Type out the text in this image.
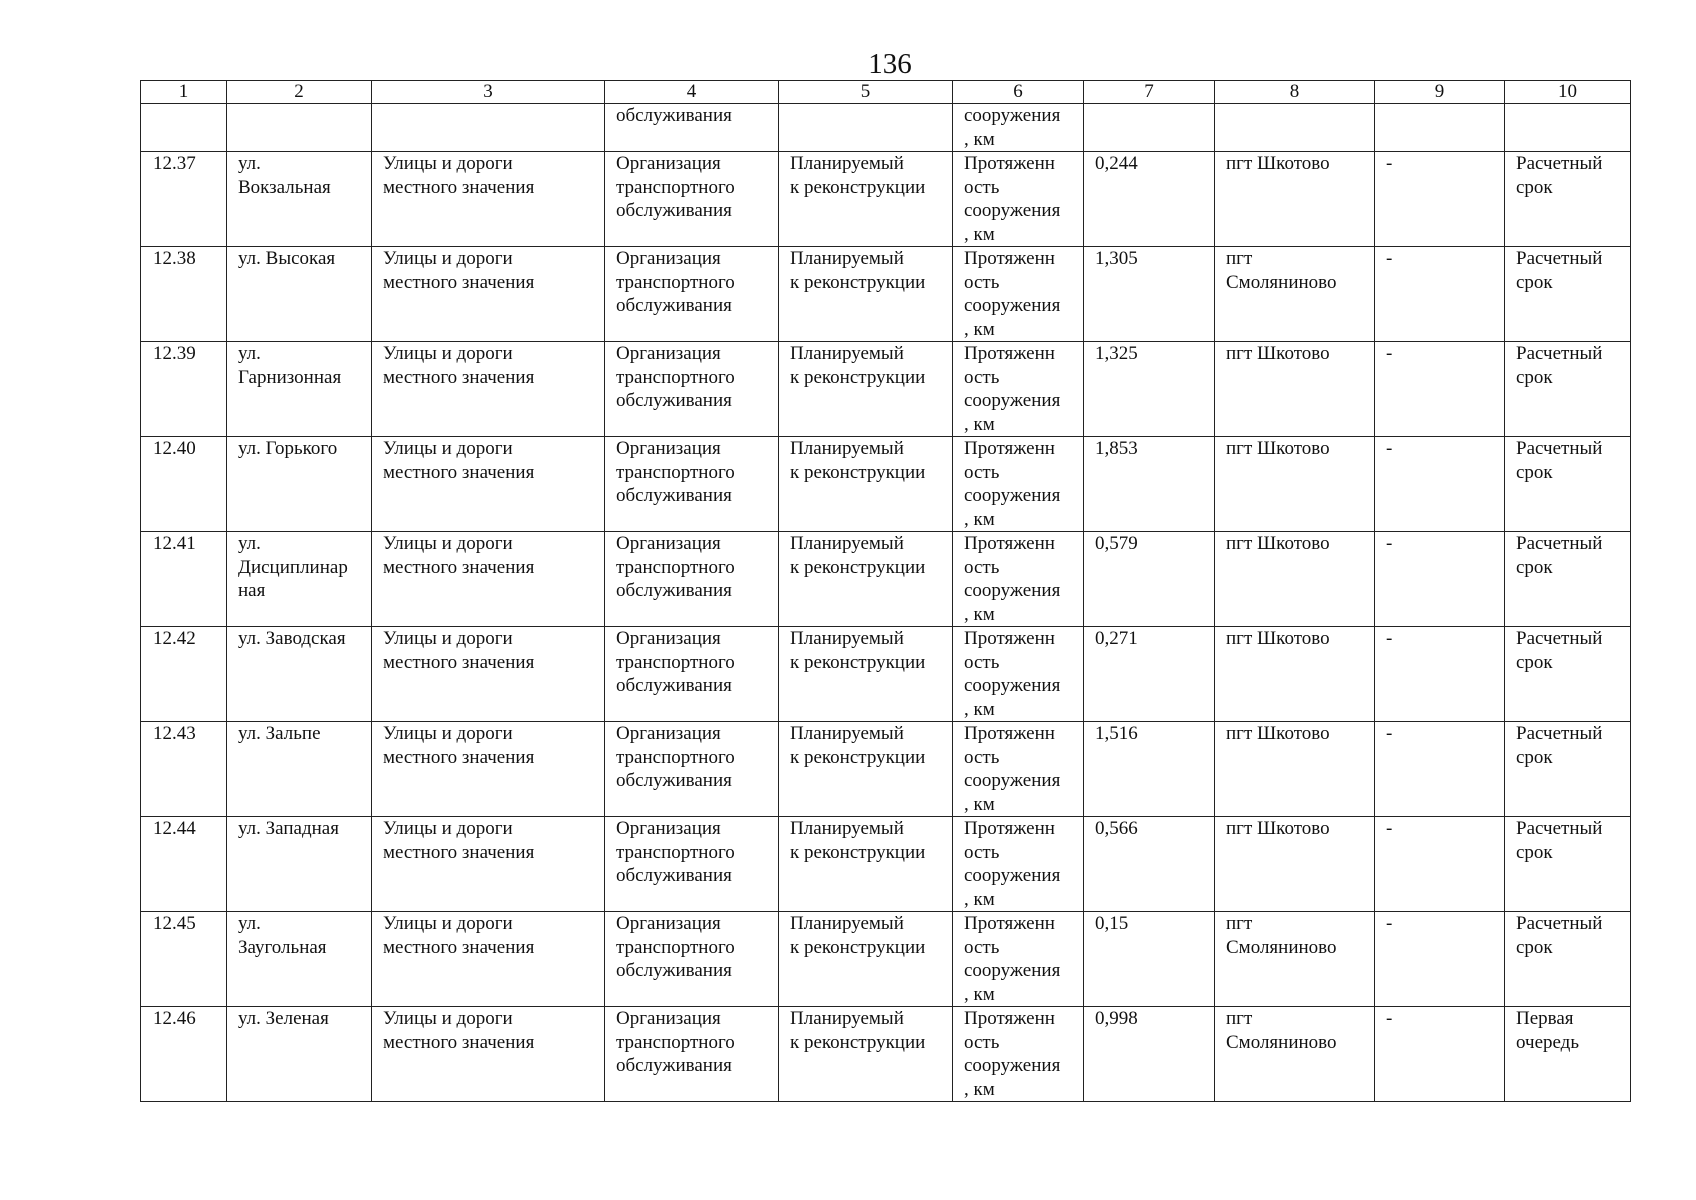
136
1	2	3	4	5	6	7	8	9	10
			обслуживания		сооружения
, км				
12.37	ул.
Вокзальная	Улицы и дороги
местного значения	Организация
транспортного
обслуживания	Планируемый
к реконструкции	Протяженн
ость
сооружения
, км	0,244	пгт Шкотово	-	Расчетный
срок
12.38	ул. Высокая	Улицы и дороги
местного значения	Организация
транспортного
обслуживания	Планируемый
к реконструкции	Протяженн
ость
сооружения
, км	1,305	пгт
Смоляниново	-	Расчетный
срок
12.39	ул.
Гарнизонная	Улицы и дороги
местного значения	Организация
транспортного
обслуживания	Планируемый
к реконструкции	Протяженн
ость
сооружения
, км	1,325	пгт Шкотово	-	Расчетный
срок
12.40	ул. Горького	Улицы и дороги
местного значения	Организация
транспортного
обслуживания	Планируемый
к реконструкции	Протяженн
ость
сооружения
, км	1,853	пгт Шкотово	-	Расчетный
срок
12.41	ул.
Дисциплинар
ная	Улицы и дороги
местного значения	Организация
транспортного
обслуживания	Планируемый
к реконструкции	Протяженн
ость
сооружения
, км	0,579	пгт Шкотово	-	Расчетный
срок
12.42	ул. Заводская	Улицы и дороги
местного значения	Организация
транспортного
обслуживания	Планируемый
к реконструкции	Протяженн
ость
сооружения
, км	0,271	пгт Шкотово	-	Расчетный
срок
12.43	ул. Зальпе	Улицы и дороги
местного значения	Организация
транспортного
обслуживания	Планируемый
к реконструкции	Протяженн
ость
сооружения
, км	1,516	пгт Шкотово	-	Расчетный
срок
12.44	ул. Западная	Улицы и дороги
местного значения	Организация
транспортного
обслуживания	Планируемый
к реконструкции	Протяженн
ость
сооружения
, км	0,566	пгт Шкотово	-	Расчетный
срок
12.45	ул.
Заугольная	Улицы и дороги
местного значения	Организация
транспортного
обслуживания	Планируемый
к реконструкции	Протяженн
ость
сооружения
, км	0,15	пгт
Смоляниново	-	Расчетный
срок
12.46	ул. Зеленая	Улицы и дороги
местного значения	Организация
транспортного
обслуживания	Планируемый
к реконструкции	Протяженн
ость
сооружения
, км	0,998	пгт
Смоляниново	-	Первая
очередь
